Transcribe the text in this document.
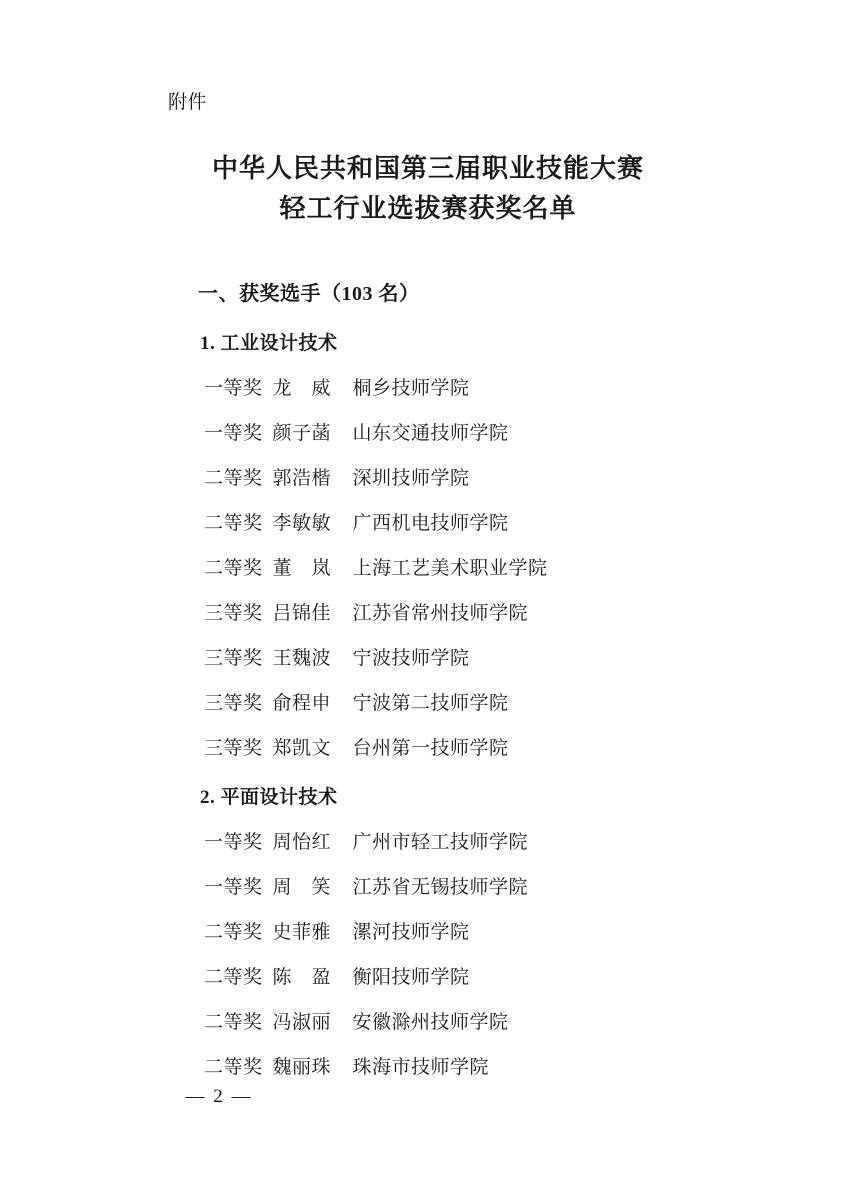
附件
中华人民共和国第三届职业技能大赛
轻工行业选拔赛获奖名单
一、获奖选手（103 名）
1. 工业设计技术
一等奖 龙　威 桐乡技师学院
一等奖 颜子菡 山东交通技师学院
二等奖 郭浩楷 深圳技师学院
二等奖 李敏敏 广西机电技师学院
二等奖 董　岚 上海工艺美术职业学院
三等奖 吕锦佳 江苏省常州技师学院
三等奖 王魏波 宁波技师学院
三等奖 俞程申 宁波第二技师学院
三等奖 郑凯文 台州第一技师学院
2. 平面设计技术
一等奖 周怡红 广州市轻工技师学院
一等奖 周　笑 江苏省无锡技师学院
二等奖 史菲雅 漯河技师学院
二等奖 陈　盈 衡阳技师学院
二等奖 冯淑丽 安徽滁州技师学院
二等奖 魏丽珠 珠海市技师学院
— 2 —
